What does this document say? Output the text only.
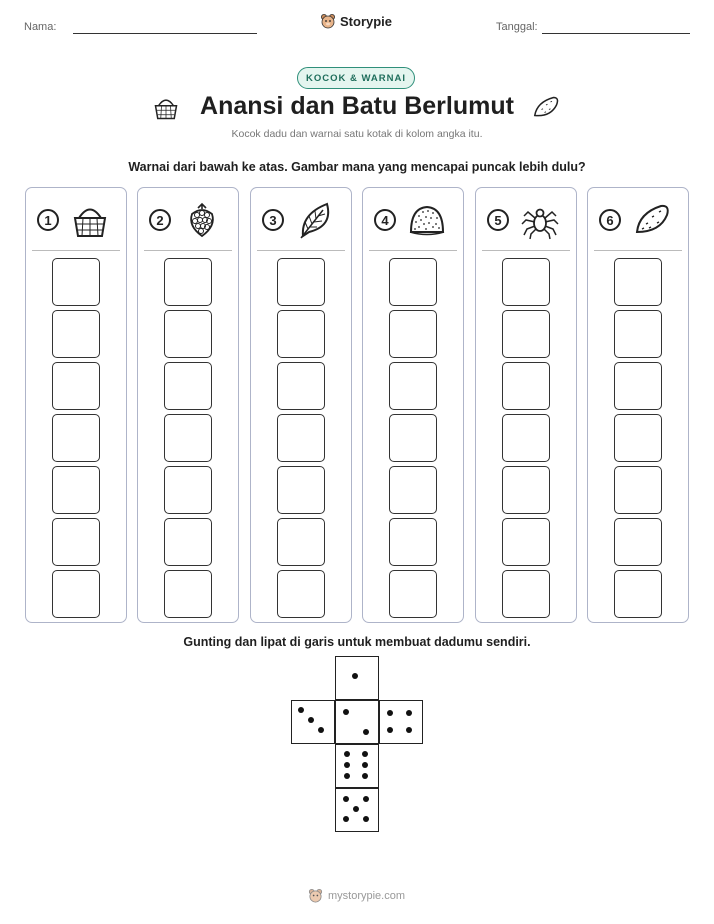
Nama:	Storypie	Tanggal:
KOCOK & WARNAI
Anansi dan Batu Berlumut
Kocok dadu dan warnai satu kotak di kolom angka itu.
Warnai dari bawah ke atas. Gambar mana yang mencapai puncak lebih dulu?
1	2	3	4	5	6
Gunting dan lipat di garis untuk membuat dadumu sendiri.
mystorypie.com
